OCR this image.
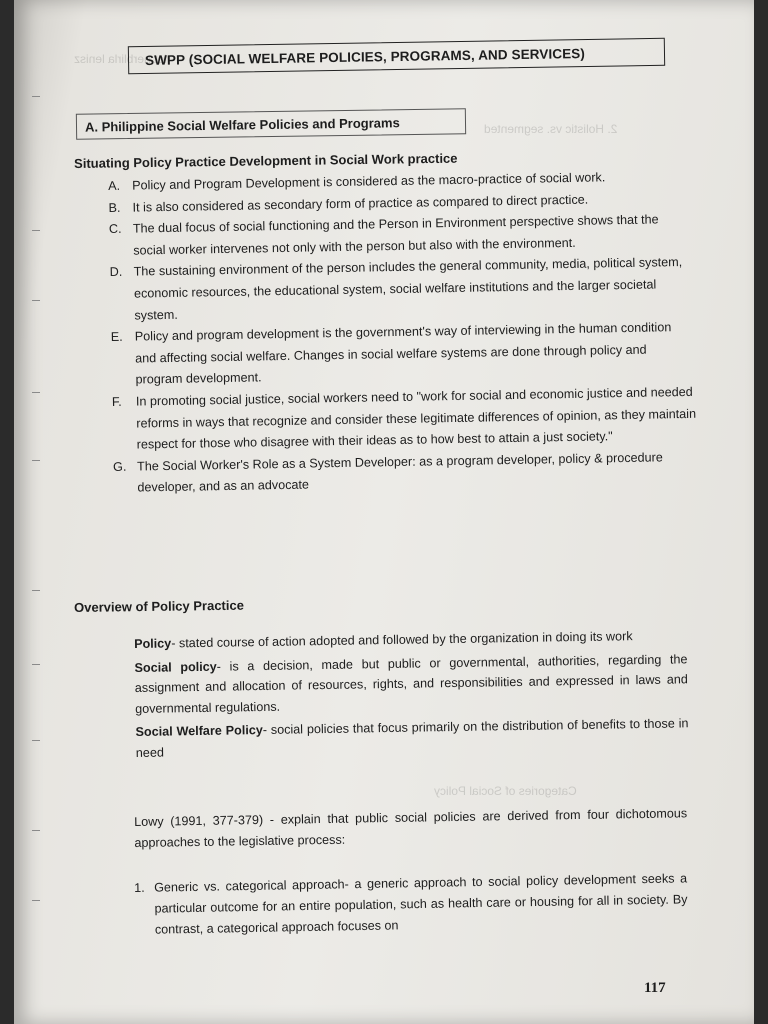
lot nerblirla lenisz
2. Holistic vs. segmented
Categories of Social Policy
SWPP (SOCIAL WELFARE POLICIES, PROGRAMS, AND SERVICES)
A. Philippine Social Welfare Policies and Programs
Situating Policy Practice Development in Social Work practice
A. Policy and Program Development is considered as the macro-practice of social work.
B. It is also considered as secondary form of practice as compared to direct practice.
C. The dual focus of social functioning and the Person in Environment perspective shows that the social worker intervenes not only with the person but also with the environment.
D. The sustaining environment of the person includes the general community, media, political system, economic resources, the educational system, social welfare institutions and the larger societal system.
E. Policy and program development is the government's way of interviewing in the human condition and affecting social welfare. Changes in social welfare systems are done through policy and program development.
F. In promoting social justice, social workers need to "work for social and economic justice and needed reforms in ways that recognize and consider these legitimate differences of opinion, as they maintain respect for those who disagree with their ideas as to how best to attain a just society."
G. The Social Worker's Role as a System Developer: as a program developer, policy & procedure developer, and as an advocate
Overview of Policy Practice
Policy- stated course of action adopted and followed by the organization in doing its work
Social policy- is a decision, made but public or governmental, authorities, regarding the assignment and allocation of resources, rights, and responsibilities and expressed in laws and governmental regulations.
Social Welfare Policy- social policies that focus primarily on the distribution of benefits to those in need
Lowy (1991, 377-379) - explain that public social policies are derived from four dichotomous approaches to the legislative process:
1. Generic vs. categorical approach- a generic approach to social policy development seeks a particular outcome for an entire population, such as health care or housing for all in society. By contrast, a categorical approach focuses on
117
